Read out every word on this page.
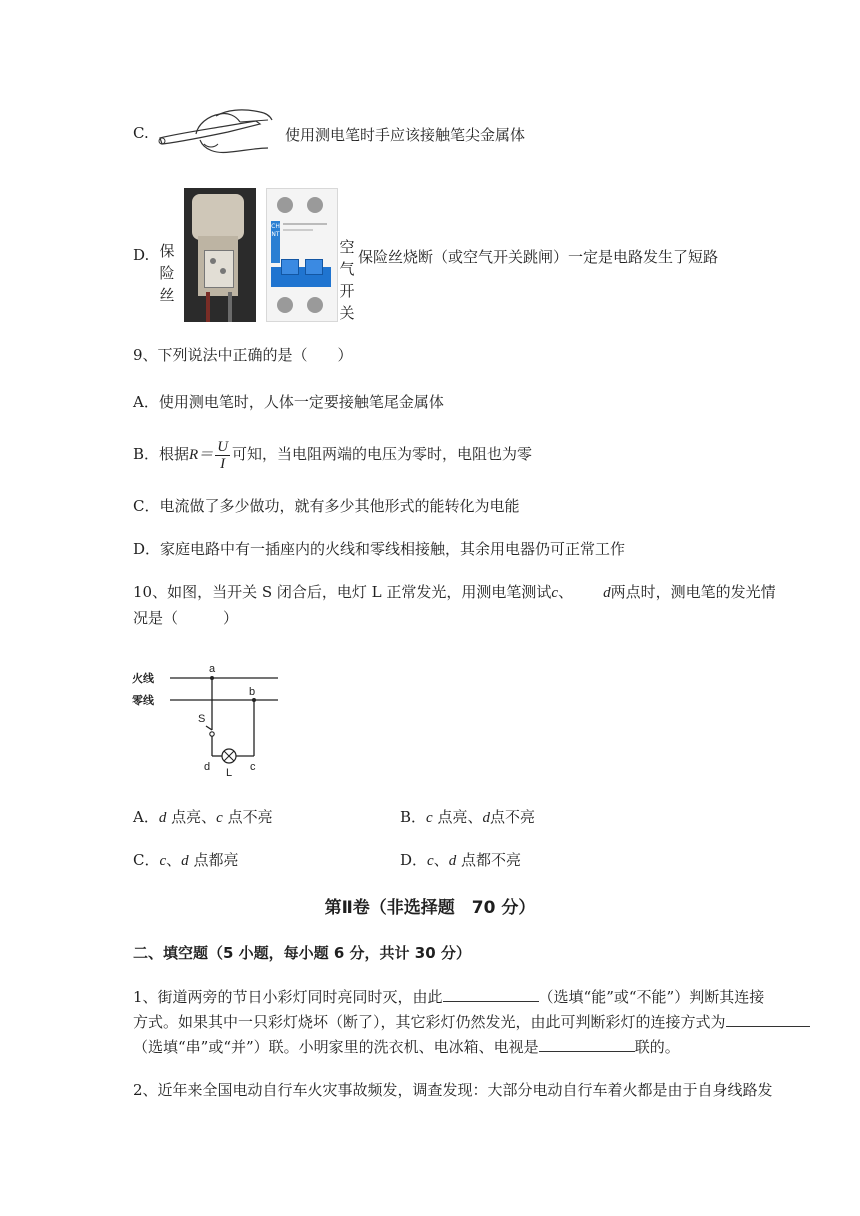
C.	使用测电笔时手应该接触笔尖金属体
D. 保险丝
CHNT
空气开关
保险丝烧断（或空气开关跳闸）一定是电路发生了短路
9、下列说法中正确的是（　　）
A．使用测电笔时，人体一定要接触笔尾金属体
B．根据$R= \frac{U}{I}$ 可知，当电阻两端的电压为零时，电阻也为零
C．电流做了多少做功，就有多少其他形式的能转化为电能
D．家庭电路中有一插座内的火线和零线相接触，其余用电器仍可正常工作
10、如图，当开关 S 闭合后，电灯 L 正常发光，用测电笔测试c、 d两点时，测电笔的发光情
况是（　　　）
火线
零线
a
b
S
d L c
A．d 点亮、c 点不亮	B．c 点亮、d点不亮
C．c、d 点都亮	D．c、d 点都不亮
第Ⅱ卷（非选择题　70 分）
二、填空题（5 小题，每小题 6 分，共计 30 分）
1、街道两旁的节日小彩灯同时亮同时灭，由此	（选填“能”或“不能”）判断其连接
方式。如果其中一只彩灯烧坏（断了），其它彩灯仍然发光，由此可判断彩灯的连接方式为
（选填“串”或“并”）联。小明家里的洗衣机、电冰箱、电视是	联的。
2、近年来全国电动自行车火灾事故频发，调查发现：大部分电动自行车着火都是由于自身线路发
